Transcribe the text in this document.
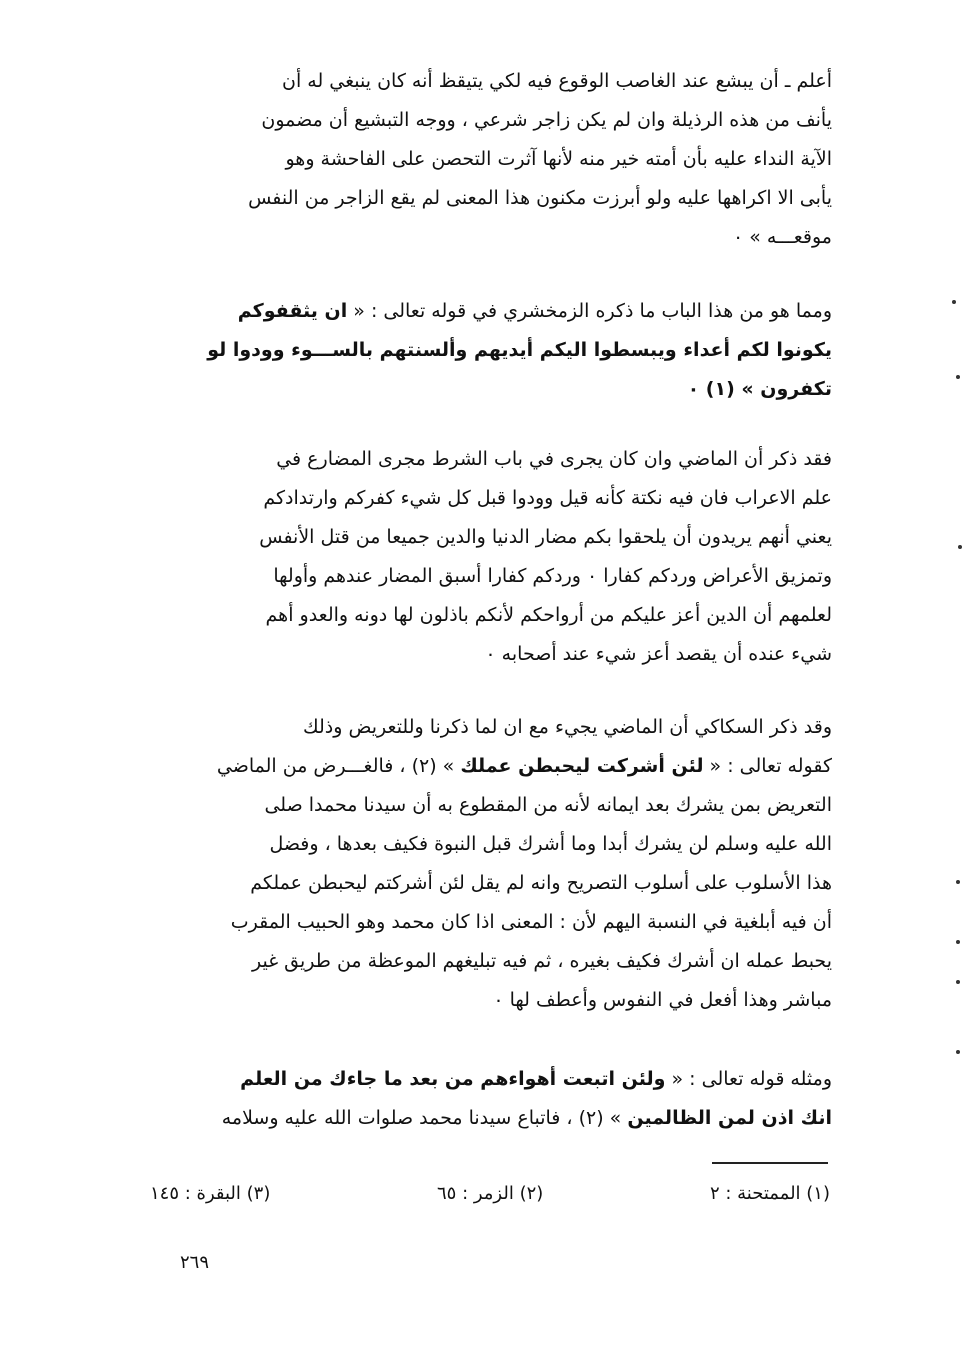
أعلم ـ أن يبشع عند الغاصب الوقوع فيه لكي يتيقظ أنه كان ينبغي له أن
يأنف من هذه الرذيلة وان لم يكن زاجر شرعي ، ووجه التبشيع أن مضمون
الآية النداء عليه بأن أمته خير منه لأنها آثرت التحصن على الفاحشة وهو
يأبى الا اكراهها عليه ولو أبرزت مكنون هذا المعنى لم يقع الزاجر من النفس
موقعـــه » ٠
ومما هو من هذا الباب ما ذكره الزمخشري في قوله تعالى : « ان يثقفوكم
يكونوا لكم أعداء ويبسطوا اليكم أيديهم وألسنتهم بالســـوء وودوا لو
تكفرون » (١) ٠
فقد ذكر أن الماضي وان كان يجرى في باب الشرط مجرى المضارع في
علم الاعراب فان فيه نكتة كأنه قيل وودوا قبل كل شيء كفركم وارتدادكم
يعني أنهم يريدون أن يلحقوا بكم مضار الدنيا والدين جميعا من قتل الأنفس
وتمزيق الأعراض وردكم كفارا ٠ وردكم كفارا أسبق المضار عندهم وأولها
لعلمهم أن الدين أعز عليكم من أرواحكم لأنكم باذلون لها دونه والعدو أهم
شيء عنده أن يقصد أعز شيء عند أصحابه ٠
وقد ذكر السكاكي أن الماضي يجيء مع ان لما ذكرنا وللتعريض وذلك
كقوله تعالى : « لئن أشركت ليحبطن عملك » (٢) ، فالغـــرض من الماضي
التعريض بمن يشرك بعد ايمانه لأنه من المقطوع به أن سيدنا محمدا صلى
الله عليه وسلم لن يشرك أبدا وما أشرك قبل النبوة فكيف بعدها ، وفضل
هذا الأسلوب على أسلوب التصريح وانه لم يقل لئن أشركتم ليحبطن عملكم
أن فيه أبلغية في النسبة اليهم لأن : المعنى اذا كان محمد وهو الحبيب المقرب
يحبط عمله ان أشرك فكيف بغيره ، ثم فيه تبليغهم الموعظة من طريق غير
مباشر وهذا أفعل في النفوس وأعطف لها ٠
ومثله قوله تعالى : « ولئن اتبعت أهواءهم من بعد ما جاءك من العلم
انك اذن لمن الظالمين » (٢) ، فاتباع سيدنا محمد صلوات الله عليه وسلامه
(١) الممتحنة : ٢
(٢) الزمر : ٦٥
(٣) البقرة : ١٤٥
٢٦٩
